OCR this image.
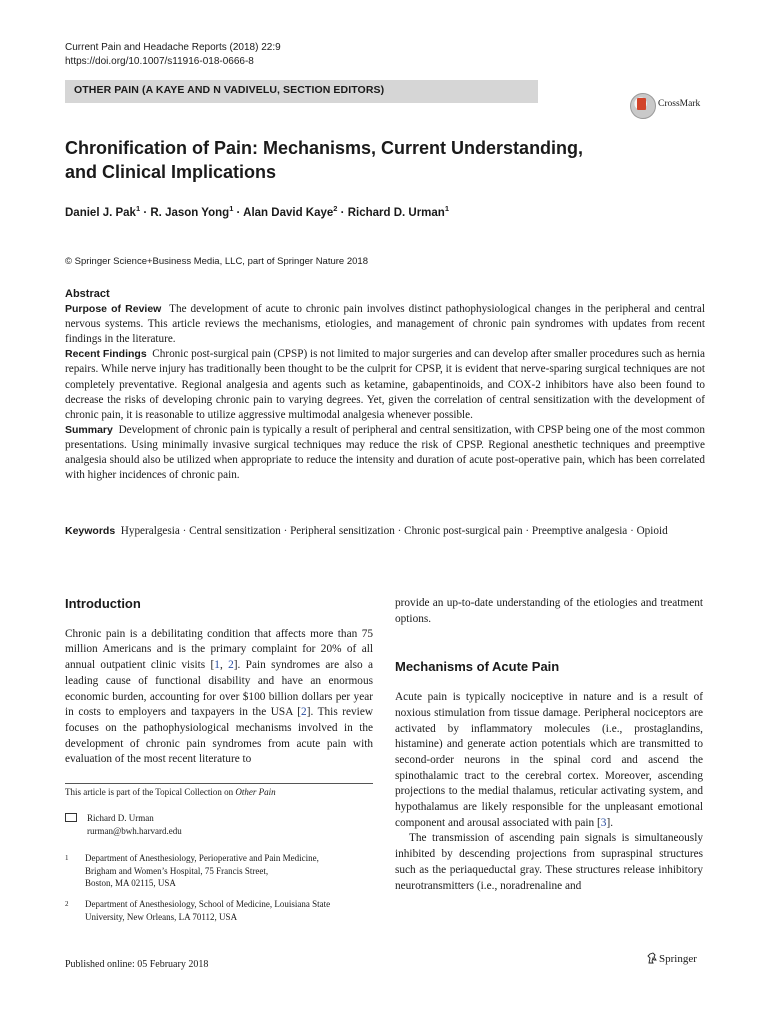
Current Pain and Headache Reports (2018) 22:9
https://doi.org/10.1007/s11916-018-0666-8
OTHER PAIN (A KAYE AND N VADIVELU, SECTION EDITORS)
CrossMark
Chronification of Pain: Mechanisms, Current Understanding,
and Clinical Implications
Daniel J. Pak$^1$ · R. Jason Yong$^1$ · Alan David Kaye$^2$ · Richard D. Urman$^1$
© Springer Science+Business Media, LLC, part of Springer Nature 2018
Abstract

Purpose of Review The development of acute to chronic pain involves distinct pathophysiological changes in the peripheral and central nervous systems. This article reviews the mechanisms, etiologies, and management of chronic pain syndromes with updates from recent findings in the literature.

Recent Findings Chronic post-surgical pain (CPSP) is not limited to major surgeries and can develop after smaller procedures such as hernia repairs. While nerve injury has traditionally been thought to be the culprit for CPSP, it is evident that nerve-sparing surgical techniques are not completely preventative. Regional analgesia and agents such as ketamine, gabapentinoids, and COX-2 inhibitors have also been found to decrease the risks of developing chronic pain to varying degrees. Yet, given the correlation of central sensitization with the development of chronic pain, it is reasonable to utilize aggressive multimodal analgesia whenever possible.

Summary Development of chronic pain is typically a result of peripheral and central sensitization, with CPSP being one of the most common presentations. Using minimally invasive surgical techniques may reduce the risk of CPSP. Regional anesthetic techniques and preemptive analgesia should also be utilized when appropriate to reduce the intensity and duration of acute post-operative pain, which has been correlated with higher incidences of chronic pain.

Keywords Hyperalgesia · Central sensitization · Peripheral sensitization · Chronic post-surgical pain · Preemptive analgesia · Opioid
Introduction

Chronic pain is a debilitating condition that affects more than 75 million Americans and is the primary complaint for 20% of all annual outpatient clinic visits [1, 2]. Pain syndromes are also a leading cause of functional disability and have an enormous economic burden, accounting for over $100 billion dollars per year in costs to employers and taxpayers in the USA [2]. This review focuses on the pathophysiological mechanisms involved in the development of chronic pain syndromes from acute pain with evaluation of the most recent literature to

This article is part of the Topical Collection on Other Pain
Richard D. Urman
rurman@bwh.harvard.edu
1 Department of Anesthesiology, Perioperative and Pain Medicine,
Brigham and Women’s Hospital, 75 Francis Street,
Boston, MA 02115, USA
2 Department of Anesthesiology, School of Medicine, Louisiana State
University, New Orleans, LA 70112, USA

provide an up-to-date understanding of the etiologies and treatment options.

Mechanisms of Acute Pain

Acute pain is typically nociceptive in nature and is a result of noxious stimulation from tissue damage. Peripheral nociceptors are activated by inflammatory molecules (i.e., prostaglandins, histamine) and generate action potentials which are transmitted to second-order neurons in the spinal cord and ascend the spinothalamic tract to the cerebral cortex. Moreover, ascending projections to the medial thalamus, reticular activating system, and hypothalamus are likely responsible for the unpleasant emotional component and arousal associated with pain [3].

The transmission of ascending pain signals is simultaneously inhibited by descending projections from supraspinal structures such as the periaqueductal gray. These structures release inhibitory neurotransmitters (i.e., noradrenaline and

Published online: 05 February 2018	Springer
